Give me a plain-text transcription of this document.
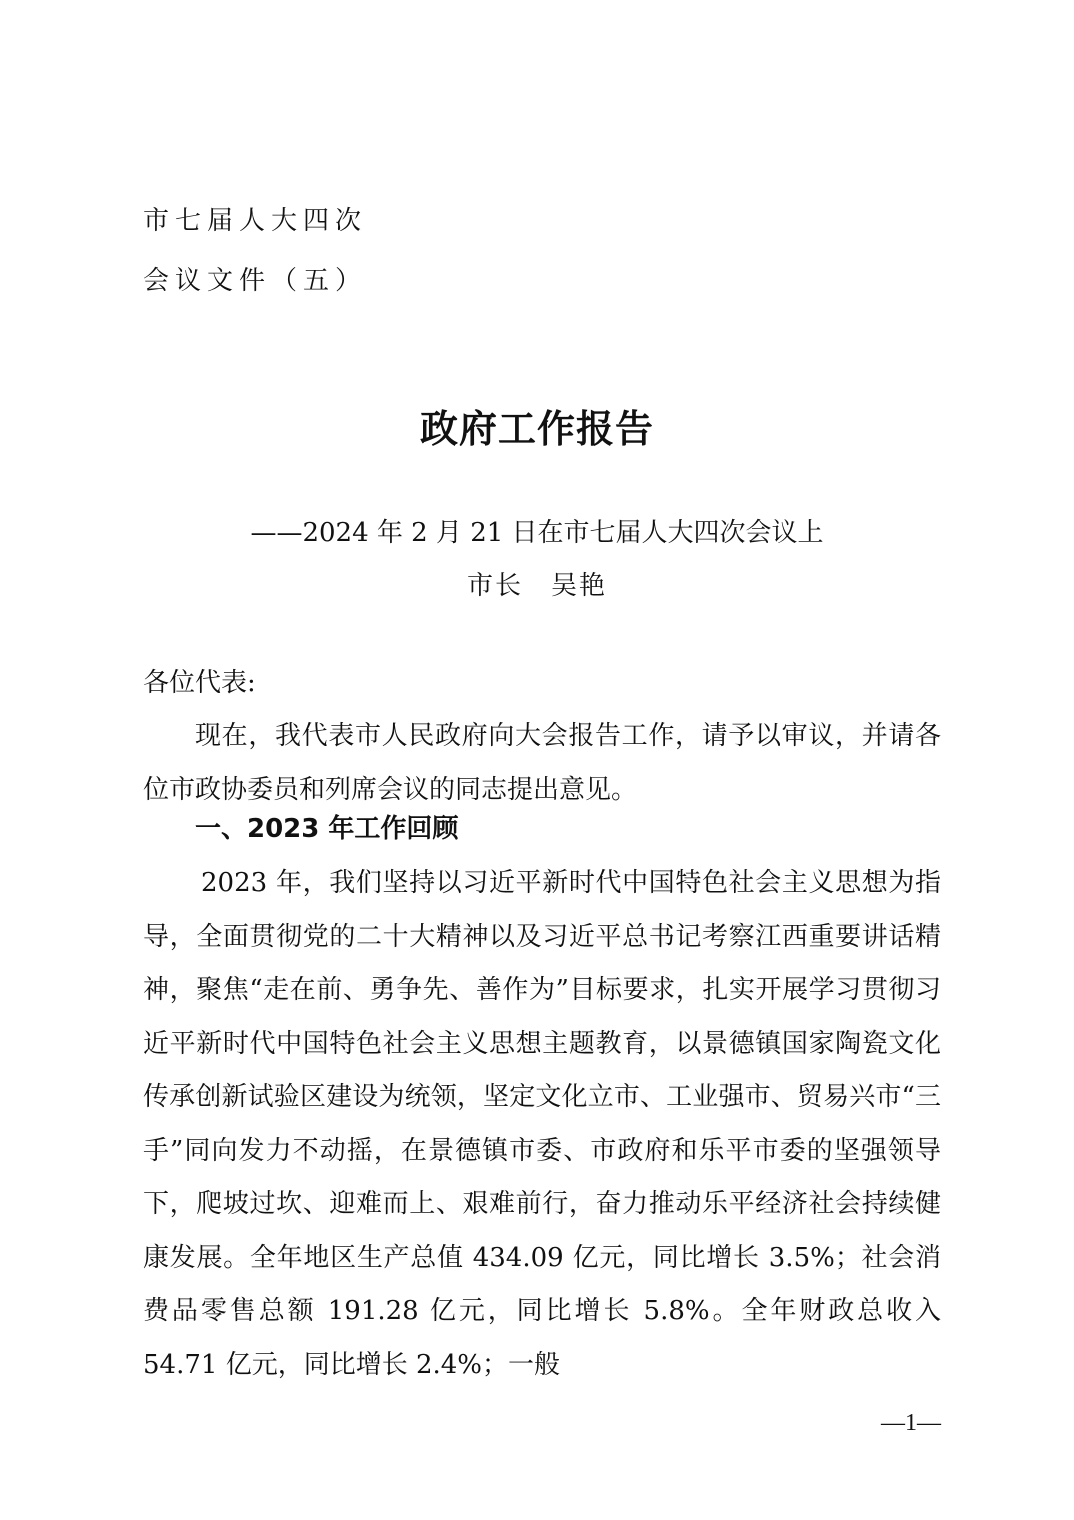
市七届人大四次
会议文件（五）
政府工作报告
——2024 年 2 月 21 日在市七届人大四次会议上
市长　吴艳
各位代表:
现在，我代表市人民政府向大会报告工作，请予以审议，并请各位市政协委员和列席会议的同志提出意见。
一、2023 年工作回顾
2023 年，我们坚持以习近平新时代中国特色社会主义思想为指导，全面贯彻党的二十大精神以及习近平总书记考察江西重要讲话精神，聚焦“走在前、勇争先、善作为”目标要求，扎实开展学习贯彻习近平新时代中国特色社会主义思想主题教育，以景德镇国家陶瓷文化传承创新试验区建设为统领，坚定文化立市、工业强市、贸易兴市“三手”同向发力不动摇，在景德镇市委、市政府和乐平市委的坚强领导下，爬坡过坎、迎难而上、艰难前行，奋力推动乐平经济社会持续健康发展。全年地区生产总值 434.09 亿元，同比增长 3.5%；社会消费品零售总额 191.28 亿元，同比增长 5.8%。全年财政总收入 54.71 亿元，同比增长 2.4%；一般
—1—
